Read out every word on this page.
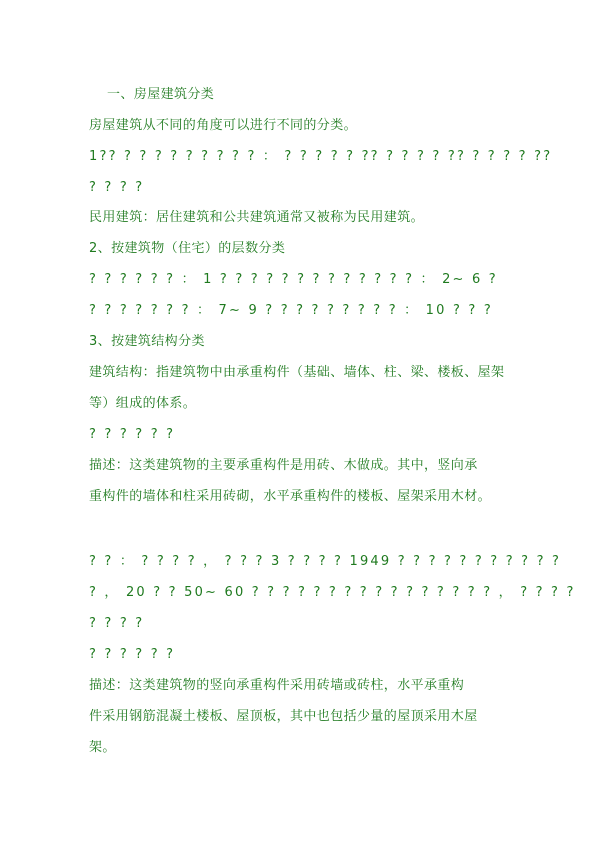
一、房屋建筑分类
房屋建筑从不同的角度可以进行不同的分类。
1?? ? ? ? ? ? ? ? ? ? ： ? ? ? ? ? ?? ? ? ? ? ?? ? ? ? ? ??
? ? ? ?
民用建筑：居住建筑和公共建筑通常又被称为民用建筑。
2、按建筑物（住宅）的层数分类
? ? ? ? ? ? ： 1 ? ? ? ? ? ? ? ? ? ? ? ? ? ： 2~ 6 ?
? ? ? ? ? ? ? ： 7~ 9 ? ? ? ? ? ? ? ? ? ： 10 ? ? ?
3、按建筑结构分类
建筑结构：指建筑物中由承重构件（基础、墙体、柱、梁、楼板、屋架
等）组成的体系。
? ? ? ? ? ?
描述：这类建筑物的主要承重构件是用砖、木做成。其中，竖向承
重构件的墙体和柱采用砖砌，水平承重构件的楼板、屋架采用木材。
? ? ： ? ? ? ? ， ? ? ? 3 ? ? ? ? 1949 ? ? ? ? ? ? ? ? ? ? ?
? ， 20 ? ? 50~ 60 ? ? ? ? ? ? ? ? ? ? ? ? ? ? ? ? ， ? ? ? ?
? ? ? ?
? ? ? ? ? ?
描述：这类建筑物的竖向承重构件采用砖墙或砖柱，水平承重构
件采用钢筋混凝土楼板、屋顶板，其中也包括少量的屋顶采用木屋
架。
